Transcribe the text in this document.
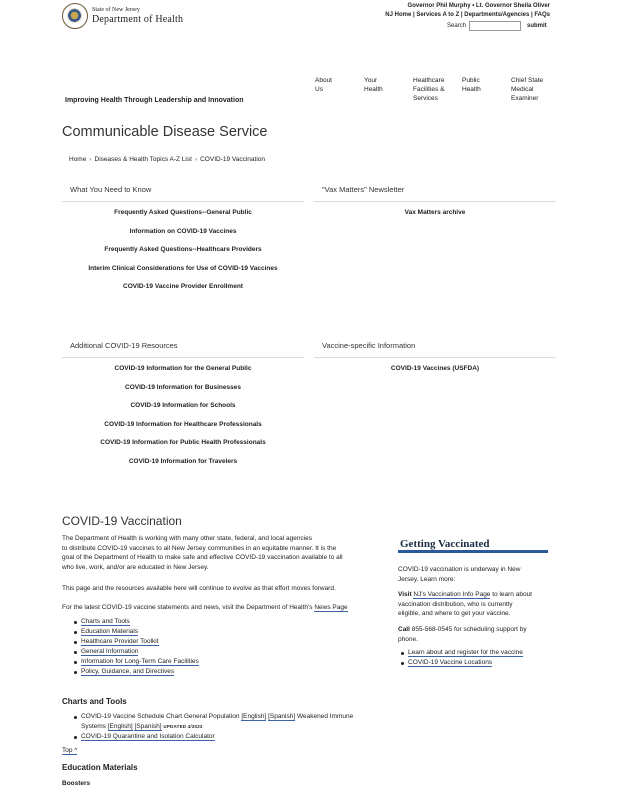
State of New Jersey
Department of Health
Governor Phil Murphy • Lt. Governor Sheila Oliver
NJ Home | Services A to Z | Departments/Agencies | FAQs
Search	submit
About
Us
Your
Health
Healthcare
Facilities &
Services
Public
Health
Chief State
Medical
Examiner
Improving Health Through Leadership and Innovation
Communicable Disease Service
Home › Diseases & Health Topics A-Z List › COVID-19 Vaccination
What You Need to Know
Frequently Asked Questions--General Public
Information on COVID-19 Vaccines
Frequently Asked Questions--Healthcare Providers
Interim Clinical Considerations for Use of COVID-19 Vaccines
COVID-19 Vaccine Provider Enrollment
"Vax Matters" Newsletter
Vax Matters archive
Additional COVID-19 Resources
COVID-19 Information for the General Public
COVID-19 Information for Businesses
COVID-19 Information for Schools
COVID-19 Information for Healthcare Professionals
COVID-19 Information for Public Health Professionals
COVID-19 Information for Travelers
Vaccine-specific Information
COVID-19 Vaccines (USFDA)
COVID-19 Vaccination
The Department of Health is working with many other state, federal, and local agencies
to distribute COVID-19 vaccines to all New Jersey communities in an equitable manner. It is the
goal of the Department of Health to make safe and effective COVID-19 vaccination available to all
who live, work, and/or are educated in New Jersey.
This page and the resources available here will continue to evolve as that effort moves forward.
For the latest COVID-19 vaccine statements and news, visit the Department of Health's News Page
Charts and Tools
Education Materials
Healthcare Provider Toolkit
General Information
Information for Long-Term Care Facilities
Policy, Guidance, and Directives
Getting Vaccinated
COVID-19 vaccination is underway in New
Jersey. Learn more:
Visit NJ's Vaccination Info Page to learn about
vaccination distribution, who is currently
eligible, and where to get your vaccine.
Call 855-568-0545 for scheduling support by
phone.
Learn about and register for the vaccine
COVID-19 Vaccine Locations
Charts and Tools
COVID-19 Vaccine Schedule Chart General Population [English] [Spanish] Weakened Immune
Systems [English] [Spanish] UPDATED 4/2023
COVID-19 Quarantine and Isolation Calculator
Top ^
Education Materials
Boosters
